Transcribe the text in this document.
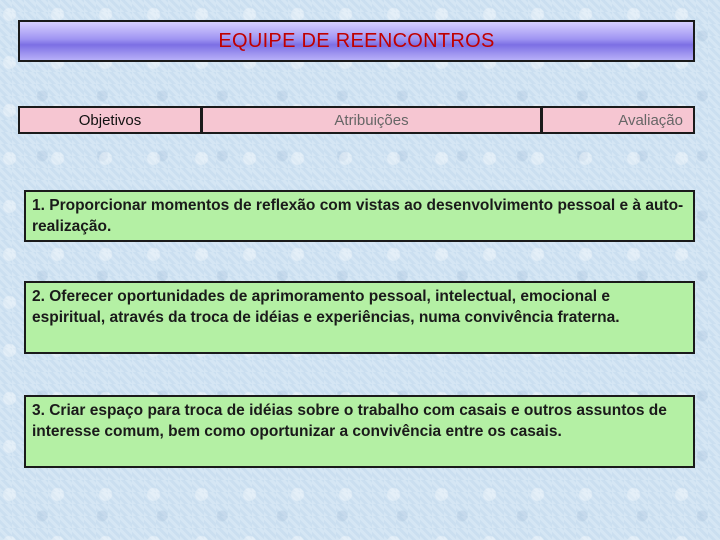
EQUIPE DE REENCONTROS
Objetivos	Atribuições	Avaliação
1. Proporcionar momentos de reflexão com vistas ao desenvolvimento pessoal e à auto-realização.
2. Oferecer oportunidades de aprimoramento pessoal, intelectual, emocional e espiritual, através da troca de idéias e experiências, numa convivência fraterna.
3. Criar espaço para troca de idéias sobre o trabalho com casais e outros assuntos de interesse comum, bem como oportunizar a convivência entre os casais.
